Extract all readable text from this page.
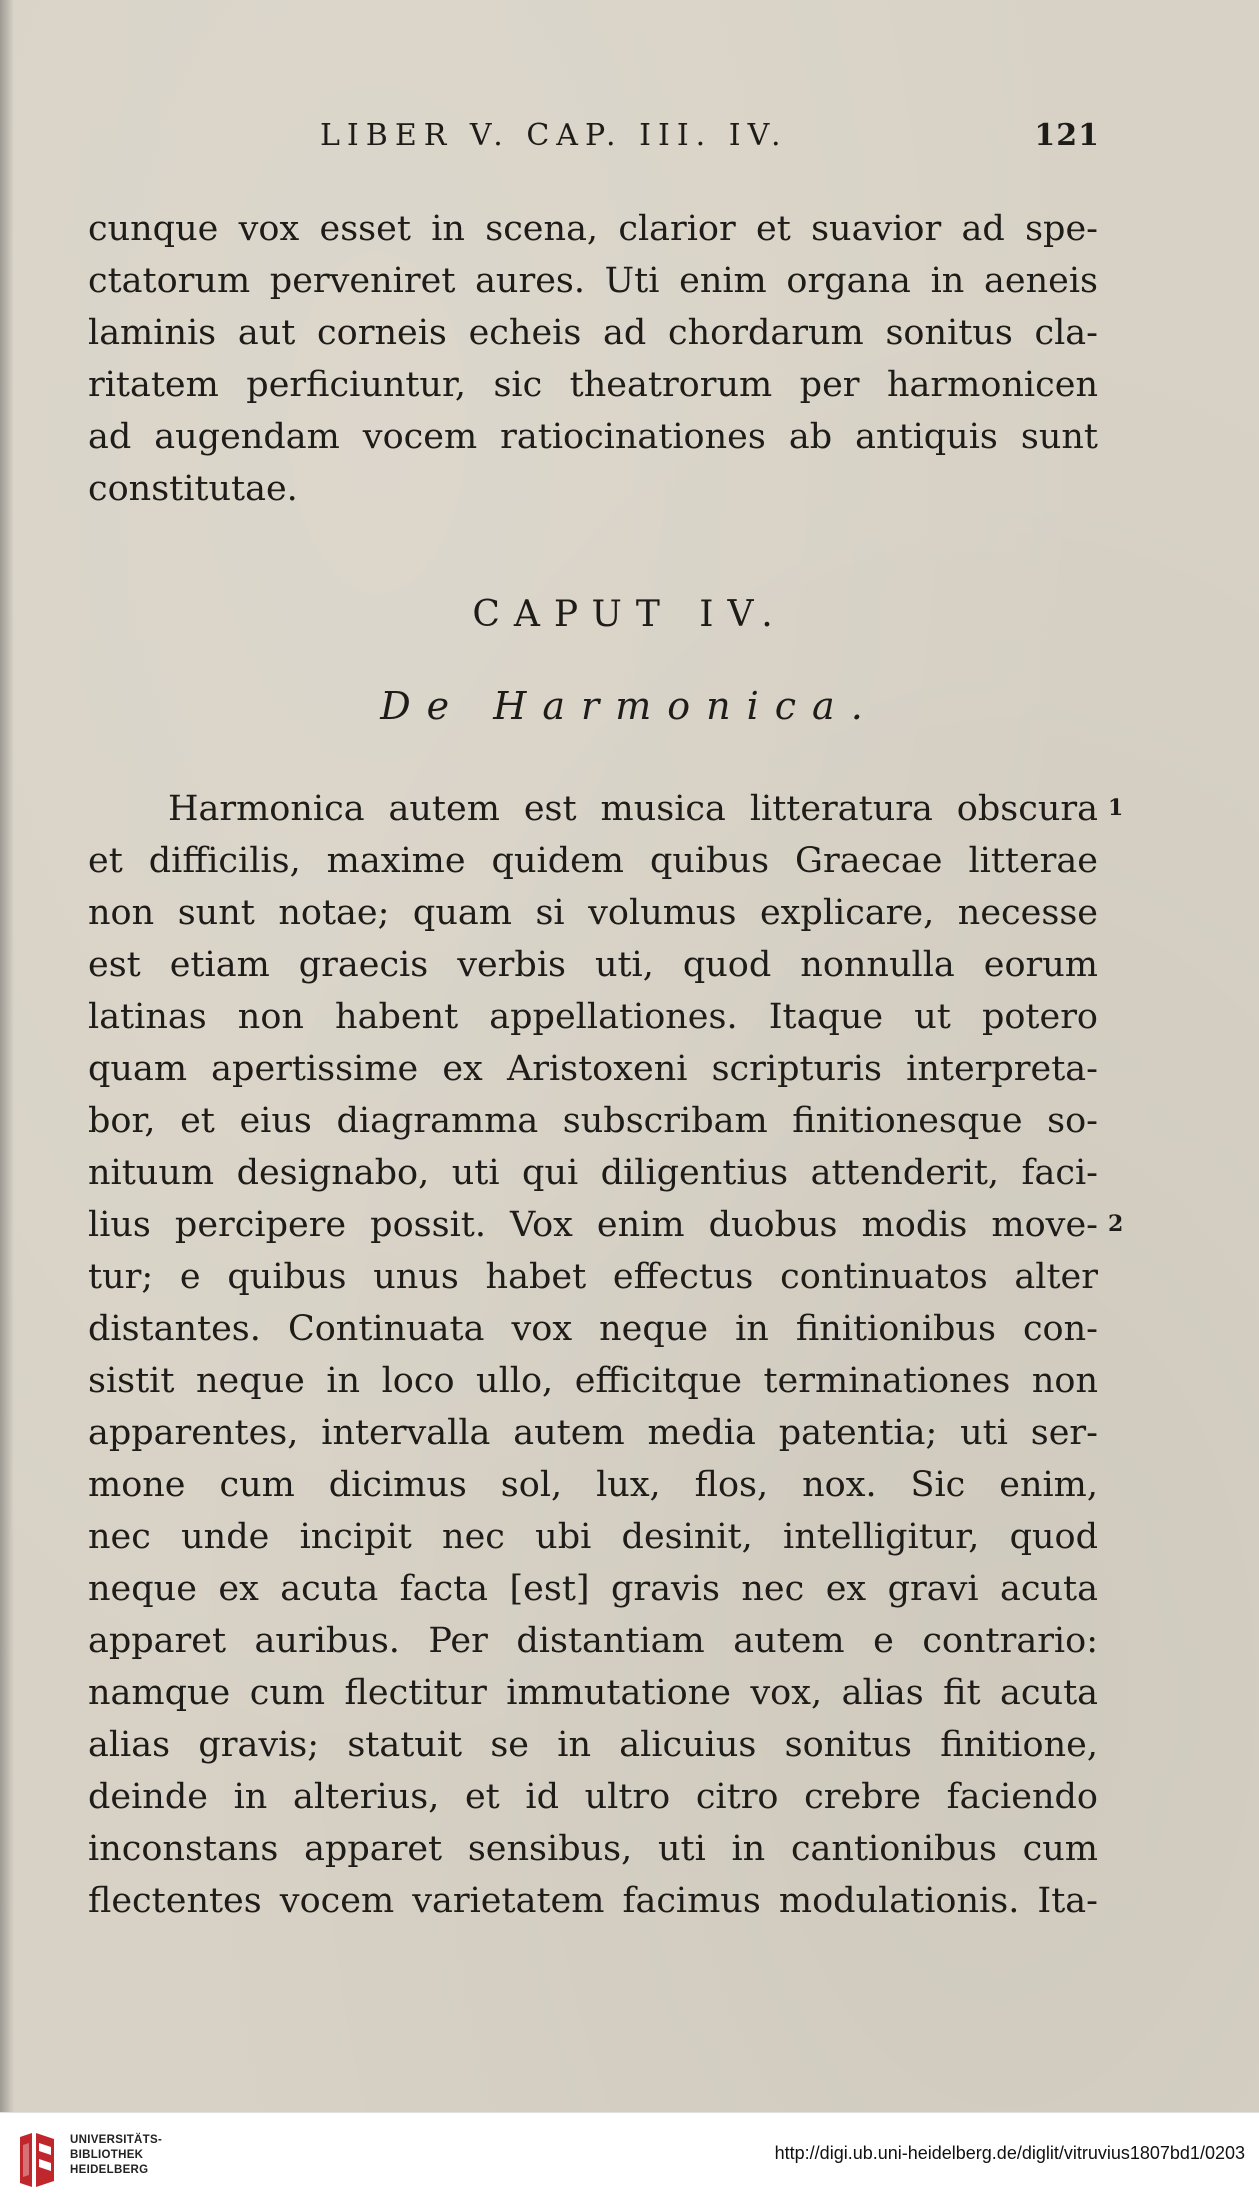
LIBER V. CAP. III. IV.	121
cunque vox esset in scena, clarior et suavior ad spe-
ctatorum perveniret aures. Uti enim organa in aeneis
laminis aut corneis echeis ad chordarum sonitus cla-
ritatem perficiuntur, sic theatrorum per harmonicen
ad augendam vocem ratiocinationes ab antiquis sunt
constitutae.
CAPUT IV.
De Harmonica.
Harmonica autem est musica litteratura obscura
et difficilis, maxime quidem quibus Graecae litterae
non sunt notae; quam si volumus explicare, necesse
est etiam graecis verbis uti, quod nonnulla eorum
latinas non habent appellationes. Itaque ut potero
quam apertissime ex Aristoxeni scripturis interpreta-
bor, et eius diagramma subscribam finitionesque so-
nituum designabo, uti qui diligentius attenderit, faci-
lius percipere possit. Vox enim duobus modis move-
tur; e quibus unus habet effectus continuatos alter
distantes. Continuata vox neque in finitionibus con-
sistit neque in loco ullo, efficitque terminationes non
apparentes, intervalla autem media patentia; uti ser-
mone cum dicimus sol, lux, flos, nox. Sic enim,
nec unde incipit nec ubi desinit, intelligitur, quod
neque ex acuta facta [est] gravis nec ex gravi acuta
apparet auribus. Per distantiam autem e contrario:
namque cum flectitur immutatione vox, alias fit acuta
alias gravis; statuit se in alicuius sonitus finitione,
deinde in alterius, et id ultro citro crebre faciendo
inconstans apparet sensibus, uti in cantionibus cum
flectentes vocem varietatem facimus modulationis. Ita-
1
2
UNIVERSITÄTS-
BIBLIOTHEK
HEIDELBERG
http://digi.ub.uni-heidelberg.de/diglit/vitruvius1807bd1/0203
